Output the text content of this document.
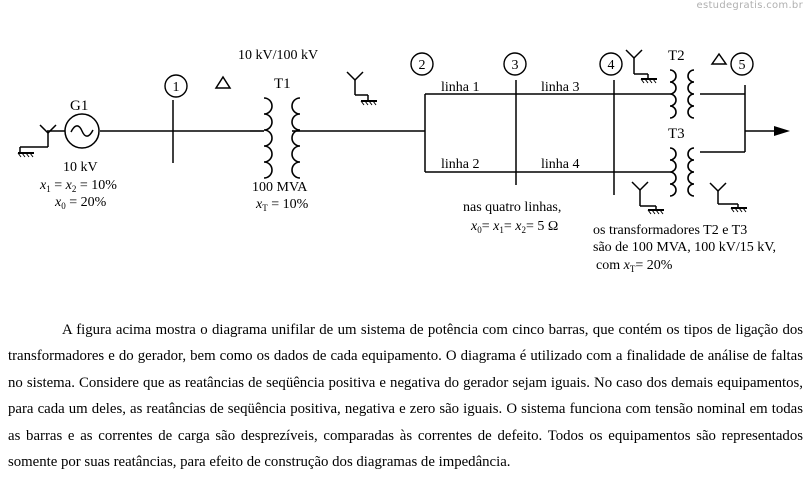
estudegratis.com.br
1
2	3	4	5
G1
10 kV
$x_1 = x_2 = 10\%$
$x_0 = 20\%$
10 kV/100 kV
T1
100 MVA
$x_T = 10\%$
linha 1	linha 3
linha 2	linha 4
nas quatro linhas,
$x_0= x_1= x_2= 5$ Ω
T2
T3
os transformadores T2 e T3
são de 100 MVA, 100 kV/15 kV,
com $x_T= 20\%$

A figura acima mostra o diagrama unifilar de um sistema de potência com cinco barras, que contém os tipos de ligação dos transformadores e do gerador, bem como os dados de cada equipamento. O diagrama é utilizado com a finalidade de análise de faltas no sistema. Considere que as reatâncias de seqüência positiva e negativa do gerador sejam iguais. No caso dos demais equipamentos, para cada um deles, as reatâncias de seqüência positiva, negativa e zero são iguais. O sistema funciona com tensão nominal em todas as barras e as correntes de carga são desprezíveis, comparadas às correntes de defeito. Todos os equipamentos são representados somente por suas reatâncias, para efeito de construção dos diagramas de impedância.
